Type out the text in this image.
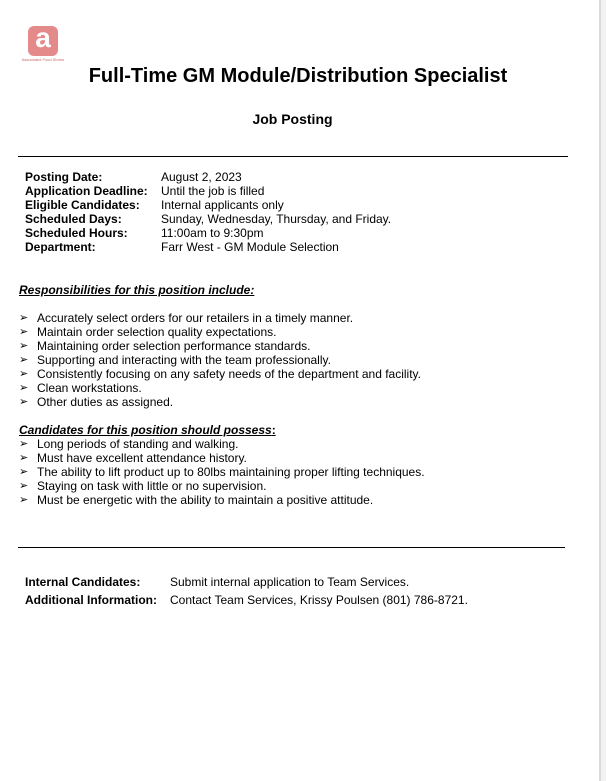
a
Associated Food Stores
Full-Time GM Module/Distribution Specialist
Job Posting
Posting Date:	August 2, 2023
Application Deadline:	Until the job is filled
Eligible Candidates:	Internal applicants only
Scheduled Days:	Sunday, Wednesday, Thursday, and Friday.
Scheduled Hours:	11:00am to 9:30pm
Department:	Farr West - GM Module Selection
Responsibilities for this position include:
➢ Accurately select orders for our retailers in a timely manner.
➢ Maintain order selection quality expectations.
➢ Maintaining order selection performance standards.
➢ Supporting and interacting with the team professionally.
➢ Consistently focusing on any safety needs of the department and facility.
➢ Clean workstations.
➢ Other duties as assigned.
Candidates for this position should possess:
➢ Long periods of standing and walking.
➢ Must have excellent attendance history.
➢ The ability to lift product up to 80lbs maintaining proper lifting techniques.
➢ Staying on task with little or no supervision.
➢ Must be energetic with the ability to maintain a positive attitude.
Internal Candidates:	Submit internal application to Team Services.
Additional Information:	Contact Team Services, Krissy Poulsen (801) 786-8721.
